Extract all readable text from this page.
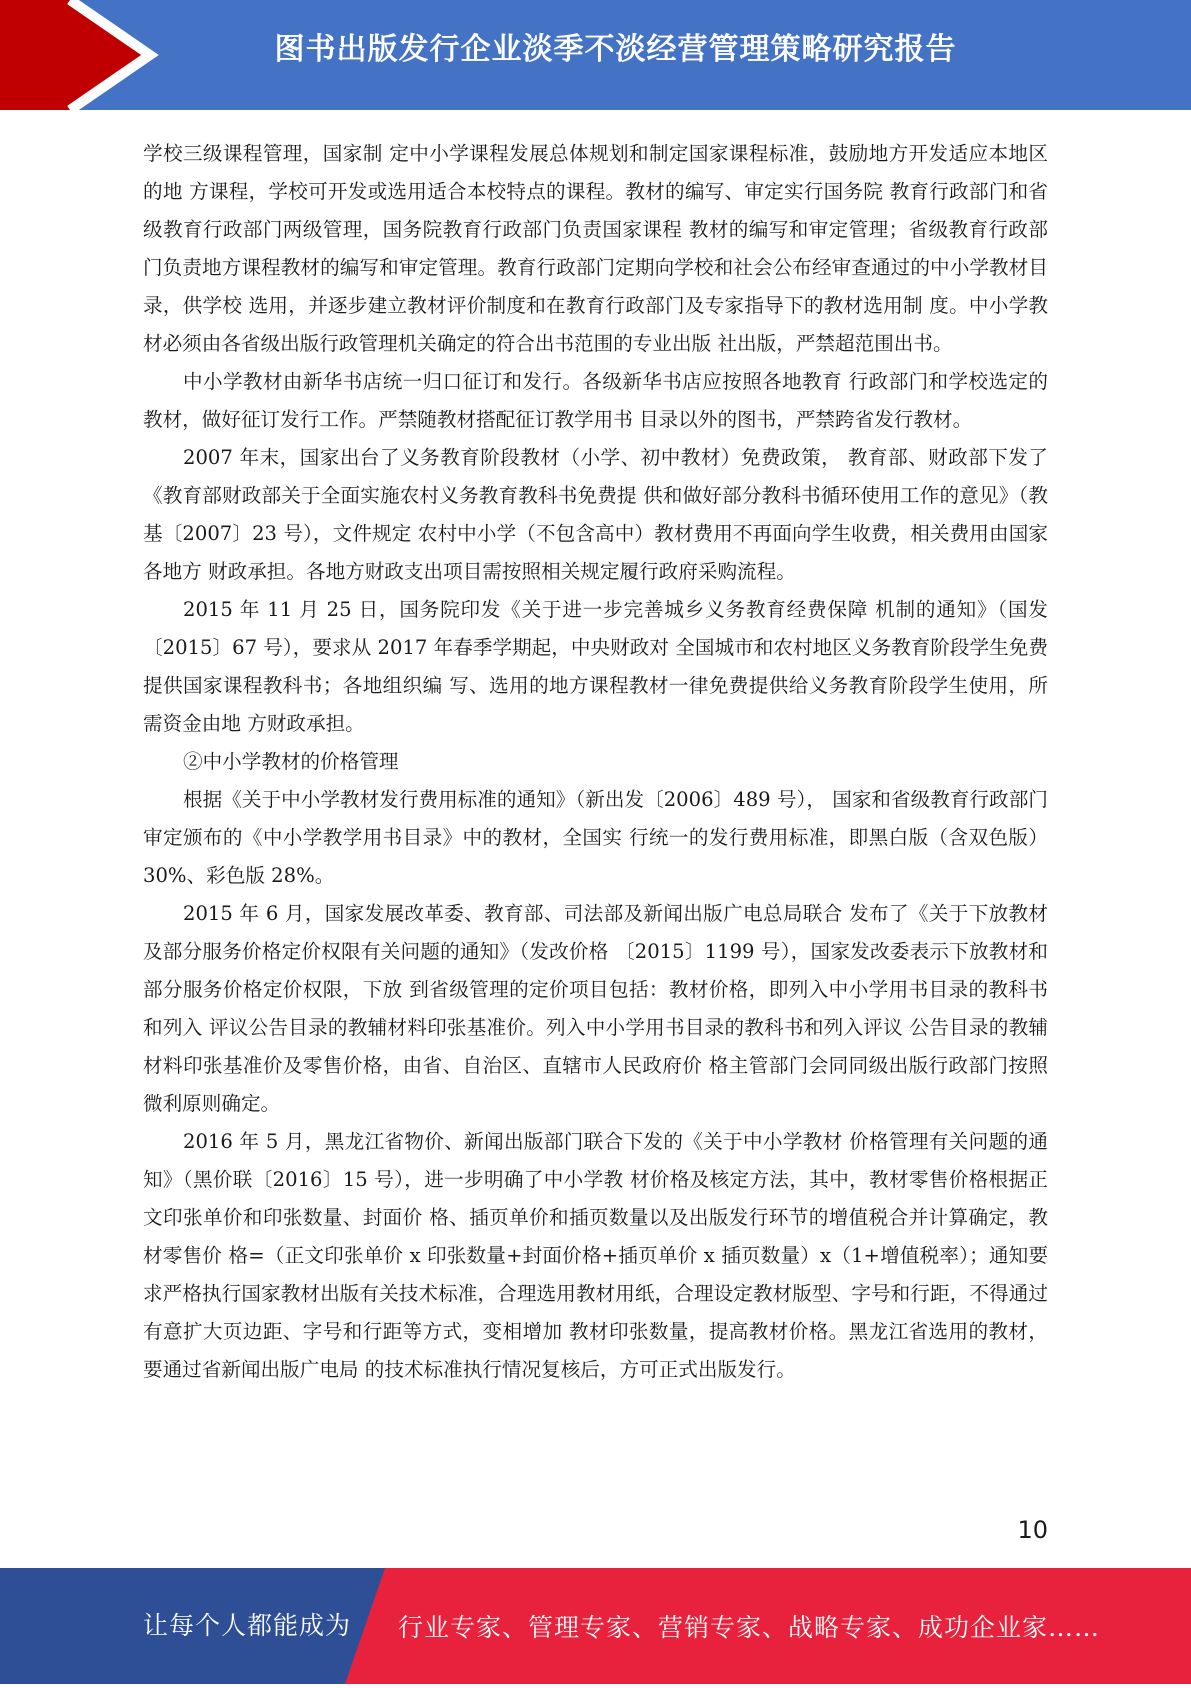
图书出版发行企业淡季不淡经营管理策略研究报告

学校三级课程管理，国家制 定中小学课程发展总体规划和制定国家课程标准，鼓励地方开发适应本地区的地 方课程，学校可开发或选用适合本校特点的课程。教材的编写、审定实行国务院 教育行政部门和省级教育行政部门两级管理，国务院教育行政部门负责国家课程 教材的编写和审定管理；省级教育行政部门负责地方课程教材的编写和审定管理。教育行政部门定期向学校和社会公布经审查通过的中小学教材目录，供学校 选用，并逐步建立教材评价制度和在教育行政部门及专家指导下的教材选用制 度。中小学教材必须由各省级出版行政管理机关确定的符合出书范围的专业出版 社出版，严禁超范围出书。

中小学教材由新华书店统一归口征订和发行。各级新华书店应按照各地教育 行政部门和学校选定的教材，做好征订发行工作。严禁随教材搭配征订教学用书 目录以外的图书，严禁跨省发行教材。

2007 年末，国家出台了义务教育阶段教材（小学、初中教材）免费政策， 教育部、财政部下发了《教育部财政部关于全面实施农村义务教育教科书免费提 供和做好部分教科书循环使用工作的意见》（教基〔2007〕23 号），文件规定 农村中小学（不包含高中）教材费用不再面向学生收费，相关费用由国家各地方 财政承担。各地方财政支出项目需按照相关规定履行政府采购流程。

2015 年 11 月 25 日，国务院印发《关于进一步完善城乡义务教育经费保障 机制的通知》（国发〔2015〕67 号），要求从 2017 年春季学期起，中央财政对 全国城市和农村地区义务教育阶段学生免费提供国家课程教科书；各地组织编 写、选用的地方课程教材一律免费提供给义务教育阶段学生使用，所需资金由地 方财政承担。

②中小学教材的价格管理

根据《关于中小学教材发行费用标准的通知》（新出发〔2006〕489 号）， 国家和省级教育行政部门审定颁布的《中小学教学用书目录》中的教材，全国实 行统一的发行费用标准，即黑白版（含双色版）30%、彩色版 28%。

2015 年 6 月，国家发展改革委、教育部、司法部及新闻出版广电总局联合 发布了《关于下放教材及部分服务价格定价权限有关问题的通知》（发改价格 〔2015〕1199 号），国家发改委表示下放教材和部分服务价格定价权限，下放 到省级管理的定价项目包括：教材价格，即列入中小学用书目录的教科书和列入 评议公告目录的教辅材料印张基准价。列入中小学用书目录的教科书和列入评议 公告目录的教辅材料印张基准价及零售价格，由省、自治区、直辖市人民政府价 格主管部门会同同级出版行政部门按照微利原则确定。

2016 年 5 月，黑龙江省物价、新闻出版部门联合下发的《关于中小学教材 价格管理有关问题的通知》（黑价联〔2016〕15 号），进一步明确了中小学教 材价格及核定方法，其中，教材零售价格根据正文印张单价和印张数量、封面价 格、插页单价和插页数量以及出版发行环节的增值税合并计算确定，教材零售价 格=（正文印张单价 x 印张数量+封面价格+插页单价 x 插页数量）x（1+增值税率）；通知要求严格执行国家教材出版有关技术标准，合理选用教材用纸，合理设定教材版型、字号和行距，不得通过有意扩大页边距、字号和行距等方式，变相增加 教材印张数量，提高教材价格。黑龙江省选用的教材，要通过省新闻出版广电局 的技术标准执行情况复核后，方可正式出版发行。

10
让每个人都能成为 行业专家、管理专家、营销专家、战略专家、成功企业家……
